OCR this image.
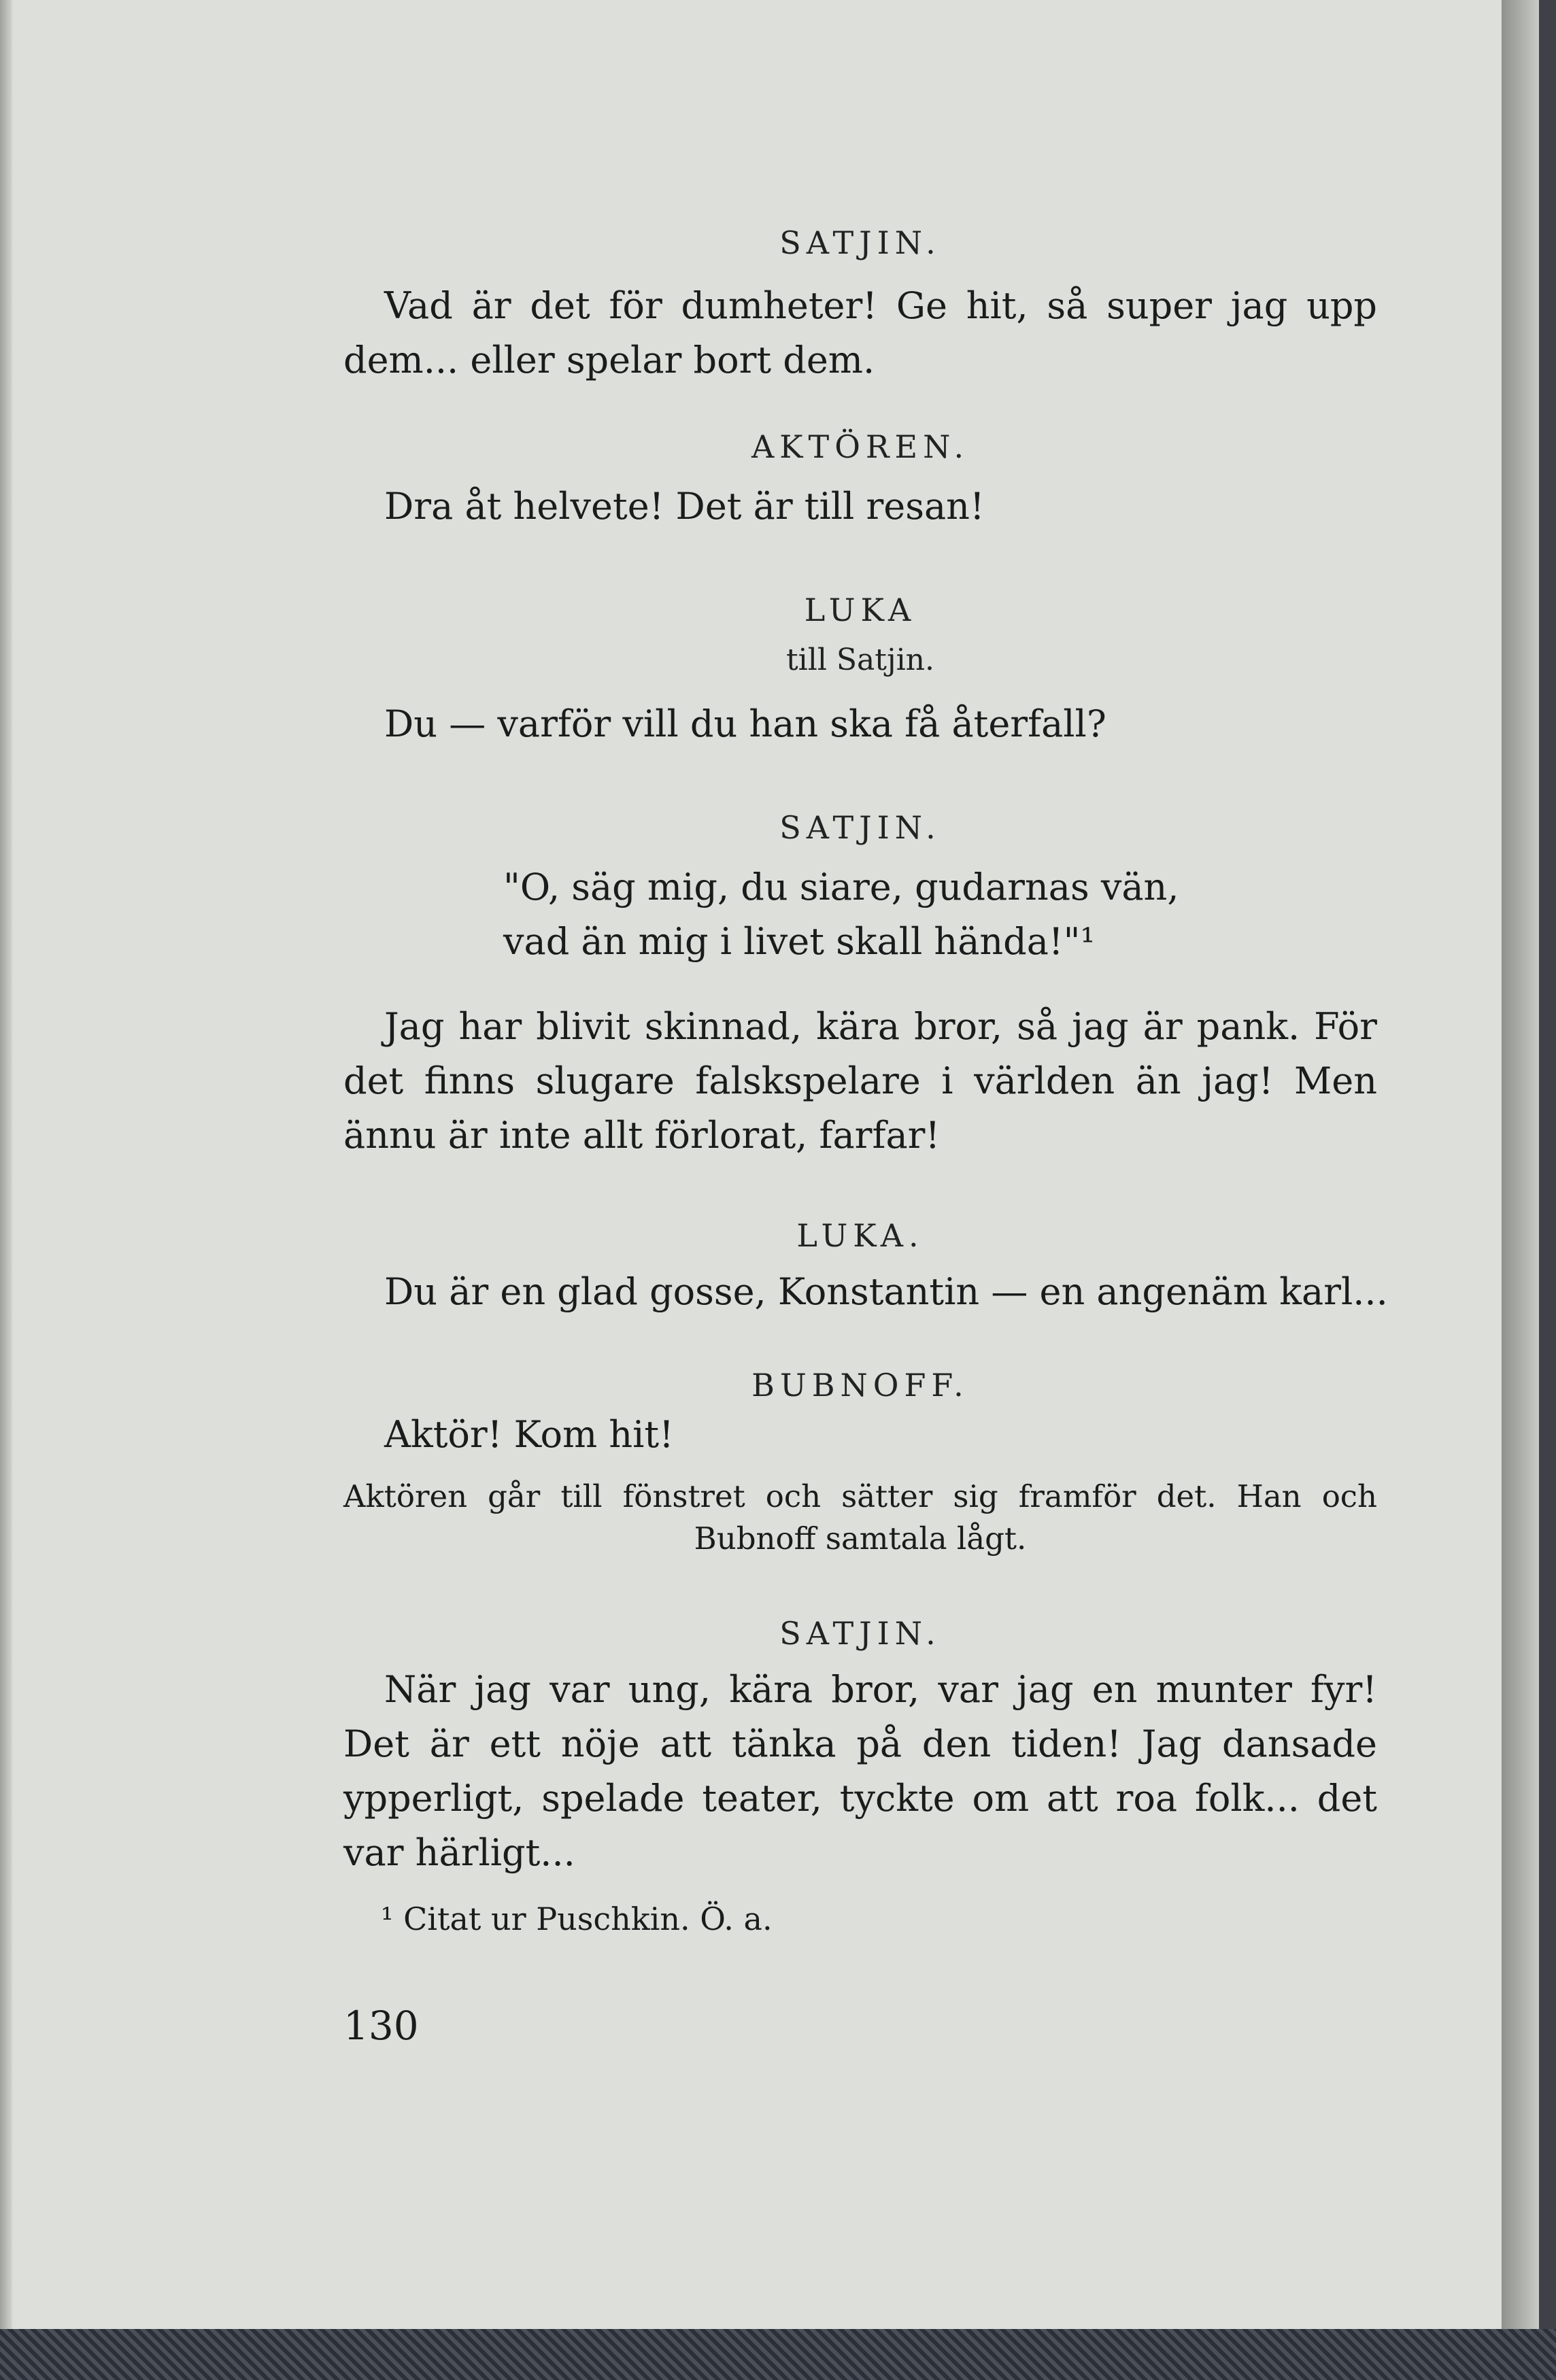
SATJIN.
Vad är det för dumheter! Ge hit, så super jag upp dem... eller spelar bort dem.
AKTÖREN.
Dra åt helvete! Det är till resan!
LUKA
till Satjin.
Du — varför vill du han ska få återfall?
SATJIN.
"O, säg mig, du siare, gudarnas vän,
vad än mig i livet skall hända!"¹
Jag har blivit skinnad, kära bror, så jag är pank. För det finns slugare falskspelare i världen än jag! Men ännu är inte allt förlorat, farfar!
LUKA.
Du är en glad gosse, Konstantin — en angenäm karl...
BUBNOFF.
Aktör! Kom hit!
Aktören går till fönstret och sätter sig framför det. Han och Bubnoff samtala lågt.
SATJIN.
När jag var ung, kära bror, var jag en munter fyr! Det är ett nöje att tänka på den tiden! Jag dansade ypperligt, spelade teater, tyckte om att roa folk... det var härligt...
¹ Citat ur Puschkin. Ö. a.
130
